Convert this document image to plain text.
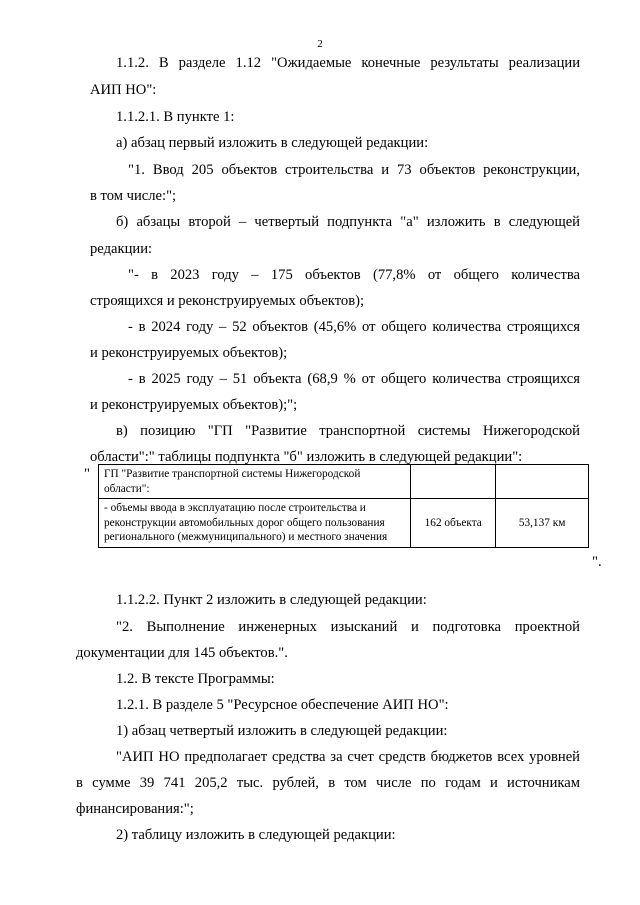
2
1.1.2. В разделе 1.12 "Ожидаемые конечные результаты реализации
АИП НО":
1.1.2.1. В пункте 1:
а) абзац первый изложить в следующей редакции:
"1. Ввод 205 объектов строительства и 73 объектов реконструкции,
в том числе:";
б) абзацы второй – четвертый подпункта "а" изложить в следующей
редакции:
"- в 2023 году – 175 объектов (77,8% от общего количества
строящихся и реконструируемых объектов);
- в 2024 году – 52 объектов (45,6% от общего количества строящихся
и реконструируемых объектов);
- в 2025 году – 51 объекта (68,9 % от общего количества строящихся
и реконструируемых объектов);";
в) позицию "ГП "Развитие транспортной системы Нижегородской
области":" таблицы подпункта "б" изложить в следующей редакции":
" ГП "Развитие транспортной системы Нижегородской области":		
- объемы ввода в эксплуатацию после строительства и реконструкции автомобильных дорог общего пользования регионального (межмуниципального) и местного значения	162 объекта	53,137 км
".
1.1.2.2. Пункт 2 изложить в следующей редакции:
"2. Выполнение инженерных изысканий и подготовка проектной
документации для 145 объектов.".
1.2. В тексте Программы:
1.2.1. В разделе 5 "Ресурсное обеспечение АИП НО":
1) абзац четвертый изложить в следующей редакции:
"АИП НО предполагает средства за счет средств бюджетов всех уровней
в сумме 39 741 205,2 тыс. рублей, в том числе по годам и источникам
финансирования:";
2) таблицу изложить в следующей редакции:
